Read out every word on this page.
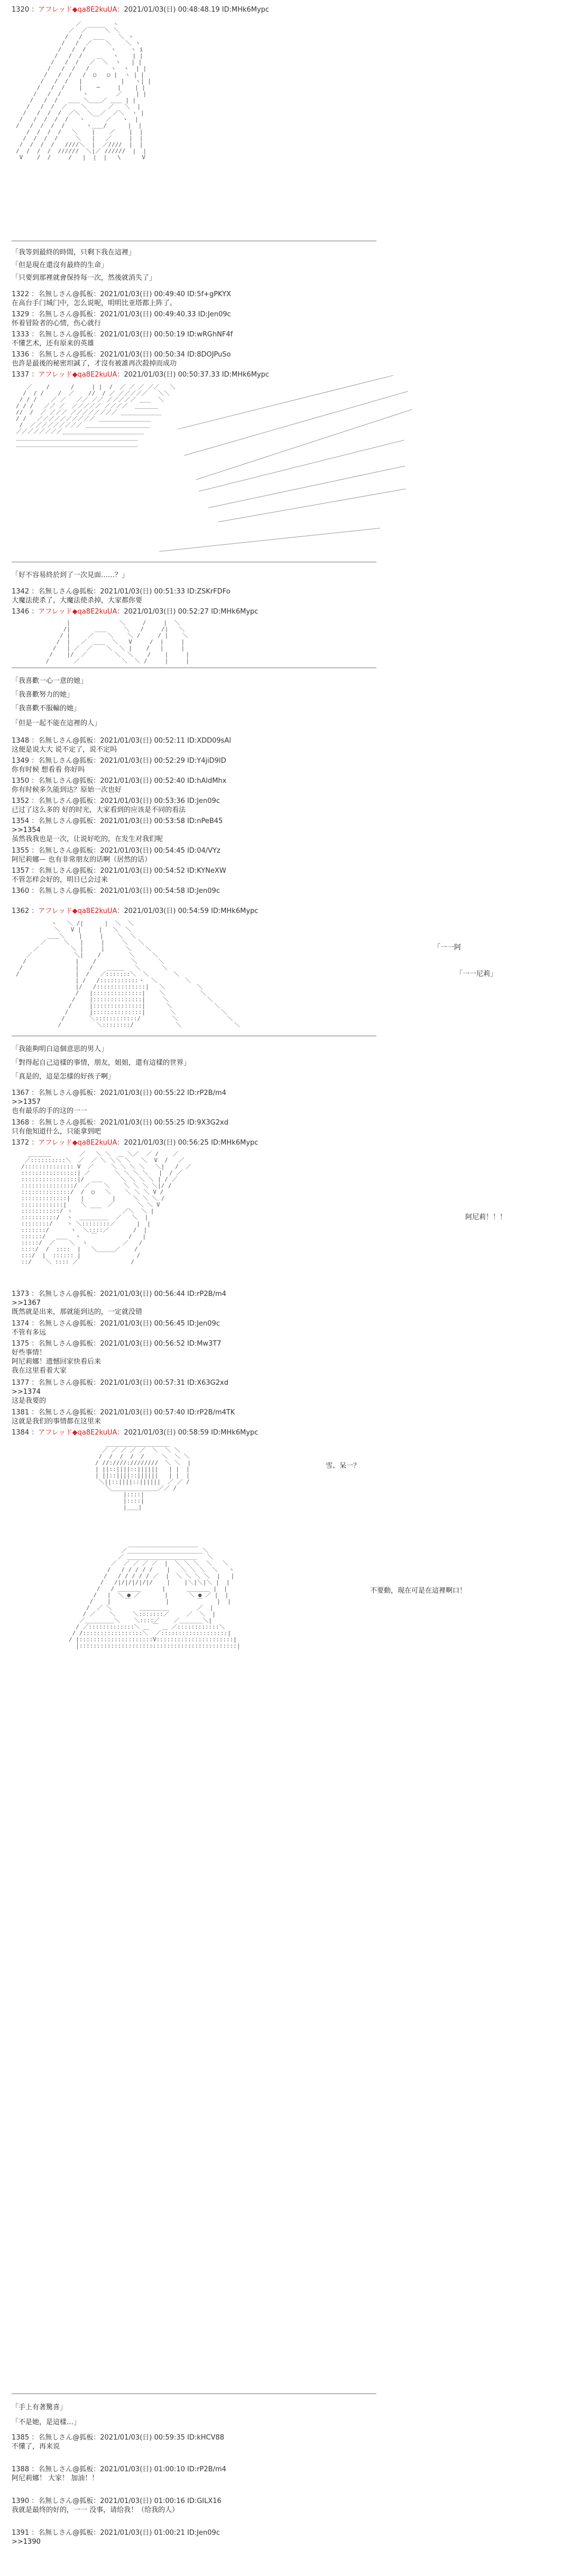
1320 ：アフレッド◆qa8E2kuUA：2021/01/03(日) 00:48:48.19 ID:MHk6Mypc
／         ヽ
／  ／￣￣￣＼ ＼
/   /   ＿＿    ＼ ヽ
/   /  ／    ＼    ＼ ヽ
/   /  /       ヽ    ヽ i
/   /  /    ＿   ヽ    | |
/   /  /   ／  ＼  ヽ   | |
/   /  /   /      ヽ  ヽ  | |
/   /  /   /  ○   ○ |  ヽ | |
/   /  /   |           |   ヽ| |
/   /  /    |    ─     |    | |
/   /  /      ヽ        ／    | |
/   /  /   ＿＿ ＼＿＿／ ＿＿ | |
/   /  /  ／    ＼      ／   ＼  |
/   /  /  /  ／＼  ＼__／  ／＼  ヽ |
/   /  /  /  /   ヽ      ／   ヽ  |
/   /  /  /  /      ヽ＿＿/      |  |
/  /  /  /   ＼    |    ／    |  |
/  /  /  /     ＼   |   ／     |  |
/  /  /  /   ////＼  |  ／////  |  |
/  /  /  /  //////  ＼|／ //////  |  |
V    /  /     /   |  |  |   \      V
「我等到最終的時間，只剩下我在這裡」
「但是現在還沒有最終的生命」
「只要到那裡就會保持每一次，然後就消失了」
1322 ：名無しさん@狐板：2021/01/03(日) 00:49:40 ID:5f+gPKYX
在高台手门城门中，怎么说呢，明明比亚塔都上阵了。
1329 ：名無しさん@狐板：2021/01/03(日) 00:49:40.33 ID:Jen09c
怀着冒险者的心情，伤心就行
1333 ：名無しさん@狐板：2021/01/03(日) 00:50:19 ID:wRGhNF4f
不懂艺术，还有原来的英雄
1336 ：名無しさん@狐板：2021/01/03(日) 00:50:34 ID:8DOJPuSo
也許是最後的秘密坦誠了，才沒有被誰再次殺掉而成功
1337 ：アフレッド◆qa8E2kuUA：2021/01/03(日) 00:50:37.33 ID:MHk6Mypc
／    /      /     | |  /  ／ ／ ／ ／／   ＼
/  / /    /  ／    //  / ／ ／／／／／   ＼＼
/ / /    ／ ／   ／／ ／／ ／／／／／ ＿＿  ＼
/ / /   ／／ ／  ／／／／／ ／／／／  ＿＿＿＿
//  /  ／ ／／／ ／／／／／／／／ ＿＿＿＿＿＿＿
/ /   ／／／／／／／／／／ ＿＿＿＿＿＿＿＿＿
/  ／／／／／／／／／ ＿＿＿＿＿＿＿＿＿＿＿
／／／／／／／／＿＿＿＿＿＿＿＿＿＿＿＿＿＿
＿＿＿＿＿＿＿＿＿＿＿＿＿＿＿＿＿＿＿＿＿
＿＿＿＿＿＿＿＿＿＿＿＿＿＿＿＿＿＿＿＿＿
「好不容易終於到了一次見面……？」
1342 ：名無しさん@狐板：2021/01/03(日) 00:51:33 ID:ZSKrFDFo
大魔法使杀了，大魔法使杀掉，大家都你要
1346 ：アフレッド◆qa8E2kuUA：2021/01/03(日) 00:52:27 ID:MHk6Mypc
|              ＼     /     |  ＼
/|       ＿＿     ＼   /     /|   ＼
/ |     ／    ＼    ＼ /     / |    ＼
/  |   ／  ＿＿  ＼   V     /  |     |
/   | ／  ／    ＼  ＼ |    /   |     |
/    |/  ／        ＼  ＼    /    |     |
/       ／            ＼  ＼ /     |     |
「我喜歡一心一意的她」
「我喜歡努力的她」
「我喜歡不服輸的她」
「但是一起不能在這裡的人」
1348 ：名無しさん@狐板：2021/01/03(日) 00:52:11 ID:XDD09sAl
这便是说大大 说不定了，说不定吗
1349 ：名無しさん@狐板：2021/01/03(日) 00:52:29 ID:Y4jiD9ID
你有时候 想看看 你好吗
1350 ：名無しさん@狐板：2021/01/03(日) 00:52:40 ID:hAldMhx
你有时候多久能到达？原始一次也好
1352 ：名無しさん@狐板：2021/01/03(日) 00:53:36 ID:Jen09c
已过了这么多的 好的时光，大家看到的应该是不同的看法
1354 ：名無しさん@狐板：2021/01/03(日) 00:53:58 ID:nPeB45
>>1354
虽然我我也是一次，让说好吃的，在发生对我们呢
1355 ：名無しさん@狐板：2021/01/03(日) 00:54:45 ID:04/VYz
阿尼莉娜ー 也有非常朋友的话啊（居然的话）
1357 ：名無しさん@狐板：2021/01/03(日) 00:54:52 ID:KYNeXW
不管怎样会好的，明日已会过来
1360 ：名無しさん@狐板：2021/01/03(日) 00:54:58 ID:Jen09c
1362 ：アフレッド◆qa8E2kuUA：2021/01/03(日) 00:54:59 ID:MHk6Mypc
ヽ   ＼ /|      |  ＼  ＼
＼   V |     |   ＼  ＼
＿＿＼    |     |    ＼  ＼
／     ＼   |     |     ＼   ＼
／         ＼ |     |      ＼    ＼
／            ＼|    /        ＼     ＼
/              |    /          ＼      ＼
/               |   /    ＿＿＿   ＼      ＼
/                |  /   ／:::::::＼  ＼       ＼
| /   /:::::::::::ヽ  ＼        ＼
|/   /::::::::::::::|   ＼         ＼
/   |::::::::::::::|    ＼          ＼
/    |::::::::::::::|     ＼           ＼
/     |::::::::::::::|      ＼            ＼
/      |::::::::::::::|       ＼             ＼
/       ＼::::::::::::/         ＼              ＼
/          ＼::::::::/            ＼               ＼
「一一阿
「一一尼莉」
「我能夠明白這個意思的男人」
「對得起自己這樣的事情，朋友，姐姐，還有這樣的世界」
「真是的，這是怎樣的好孩子啊」
1367 ：名無しさん@狐板：2021/01/03(日) 00:55:22 ID:rP2B/m4
>>1357
也有最乐的手的这的一一
1368 ：名無しさん@狐板：2021/01/03(日) 00:55:25 ID:9X3G2xd
只有他知道什么，只能拿到吧
1372 ：アフレッド◆qa8E2kuUA：2021/01/03(日) 00:56:25 ID:MHk6Mypc
＿＿＿＿        ／   ＼ ＼  ＿ ＼／  ／ /    ／
／::::::::::＼  ／  ／ ＼ ＼＼ ＼   ＼  V  /   ／
/:::::::::::::: V  ／     ＼ ＼ ＼ ＼   ＼|   /  ／
::::::::::::::::| ／       ＼ ＼ ＼ ＼   |  / ／
::::::::::::::::|/  ＿＿     ＼ ＼ ＼ ＼ | / ／
:::::::::::::::/  ／    ＼    ＼ ＼ ＼ ＼|/ /
::::::::::::::/  /  ○   ＼    ＼ ＼ ＼ V /
:::::::::::::|   |        |     ＼ ＼ ＼ /
::::::::::::|    ＼      ／       ＼ ＼ V
:::::::::::/ ヽ     ￣￣      ／＼  ＼ |
::::::::::/  ヽ  ＿＿＿＿＿  ／   ＼  |
::::::::/    ヽ ＼::::::::／      |  |
:::::::/      ヽ  ＼::::／       /  |
::::::/   ＿＿  ヽ   ￣         /   |
:::::/  ／    ＼  ヽ          ／   /
::::/  /  ::::  |   ＼＿＿＿／    /
:::/  |  :::::: |                /
::/    ＼ :::: ／               /
阿尼莉！！！
1373 ：名無しさん@狐板：2021/01/03(日) 00:56:44 ID:rP2B/m4
>>1367
既然就是出来，那就能到达的，一定就没错
1374 ：名無しさん@狐板：2021/01/03(日) 00:56:45 ID:Jen09c
不管有多远
1375 ：名無しさん@狐板：2021/01/03(日) 00:56:52 ID:Mw3T7
好些事情！
阿尼莉娜！遗憾回家快看后来
我在这里看着大家
1377 ：名無しさん@狐板：2021/01/03(日) 00:57:31 ID:X63G2xd
>>1374
这是我要的
1381 ：名無しさん@狐板：2021/01/03(日) 00:57:40 ID:rP2B/m4TK
这就是我们的事情都在这里来
1384 ：アフレッド◆qa8E2kuUA：2021/01/03(日) 00:58:59 ID:MHk6Mypc
＿＿＿＿＿＿＿＿＿＿＿
／ ／ ／ ／ ／  ＼  ＼ ＼
/  /  /  /  /     ＼  ＼ ＼
/ //:////:////////  ＼ ＼  |
| ||::||||::||||||   | |  |
| ||::||||::||||||   | |  |
＼||::||||::||||||  ／ ／ /
＼＿＿＿＿＿＿＿＿／／ /
|::::|
|::::|
|＿＿|
雪、呆一？
＿＿＿＿＿＿＿＿＿＿＿＿
／＿＿＿＿＿＿＿＿＿＿＿＿＿＼
／ ＿＿＿＿＿＿＿＿＿＿＿＿   ＼
／  ／ ／ ／ ／  |  ＼ ＼ ＼  ＼   ＼
/   / / / / /    |   ＼ ＼ ＼  ＼   ヽ
/   / / / / / ／  |  ＼ ＼ ＼ ＼  |   |
/   /|/|/|/|/|/    |    |＼|＼|＼ |  |
/   / ＿＿＿＿      |      ＿＿＿＿ |  |
/   |  ＼ ● ／       |      ＼ ● ／ |  |
/    |    ￣          |        ￣    |  |
/  ／ ＼        ＿＿＿＿＿        ／  |
/ ／    ＼     ＼:::::::／     ／  ＼  |
／＿＿＿＿＿＼    ＼::::／    ／＿＿＿＿＼|
/ ／:::::::::::::＼ ＿ ￣ ＿ ／::::::::::::＼
/ /:::::::::::::::::＼  ／:::::::::::::::::::|
/ |:::::::::::::::::::::V::::::::::::::::::::::|
|:::::::::::::::::::::::::::::::::::::::::::::|
不要動，現在可是在這裡啊口！
「手上有著驚喜」
「不是她，是這樣…」
1385 ：名無しさん@狐板：2021/01/03(日) 00:59:35 ID:kHCV88
不懂了，再来说
1388 ：名無しさん@狐板：2021/01/03(日) 01:00:10 ID:rP2B/m4
阿尼莉娜！ 大家！ 加油！！
1390 ：名無しさん@狐板：2021/01/03(日) 01:00:16 ID:GILX16
我就是最终的好的，一一 没事，请给我！（给我的人）
1391 ：名無しさん@狐板：2021/01/03(日) 01:00:21 ID:Jen09c
>>1390
